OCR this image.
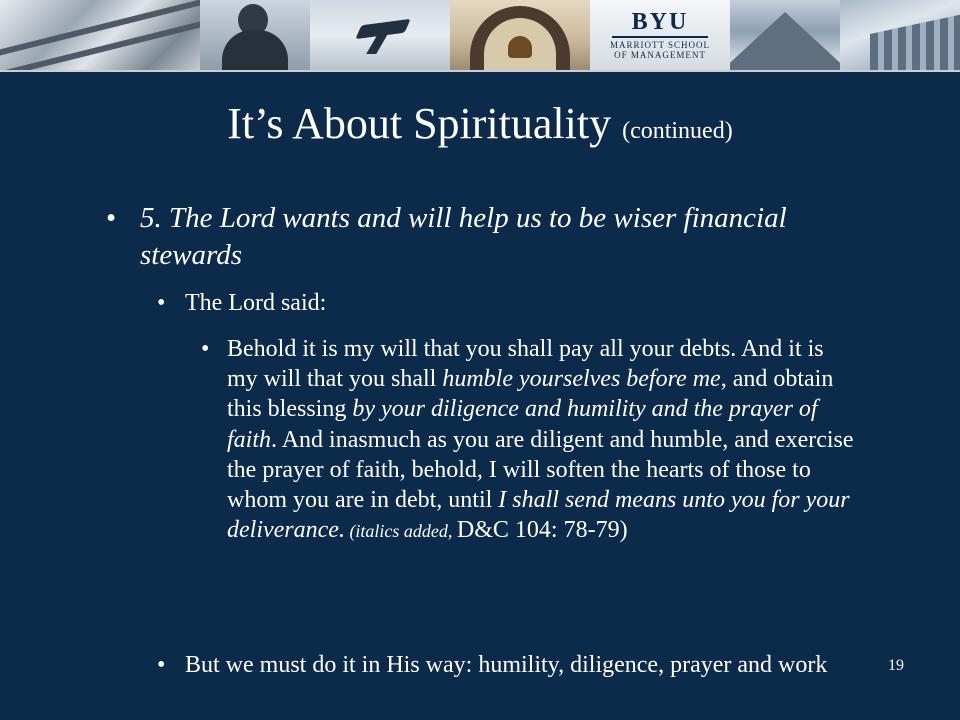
BYU
MARRIOTT SCHOOL
OF MANAGEMENT
It’s About Spirituality (continued)
• 5. The Lord wants and will help us to be wiser financial stewards
• The Lord said:
• Behold it is my will that you shall pay all your debts. And it is my will that you shall humble yourselves before me, and obtain this blessing by your diligence and humility and the prayer of faith. And inasmuch as you are diligent and humble, and exercise the prayer of faith, behold, I will soften the hearts of those to whom you are in debt, until I shall send means unto you for your deliverance. (italics added, D&C 104: 78-79)
• But we must do it in His way: humility, diligence, prayer and work	19
